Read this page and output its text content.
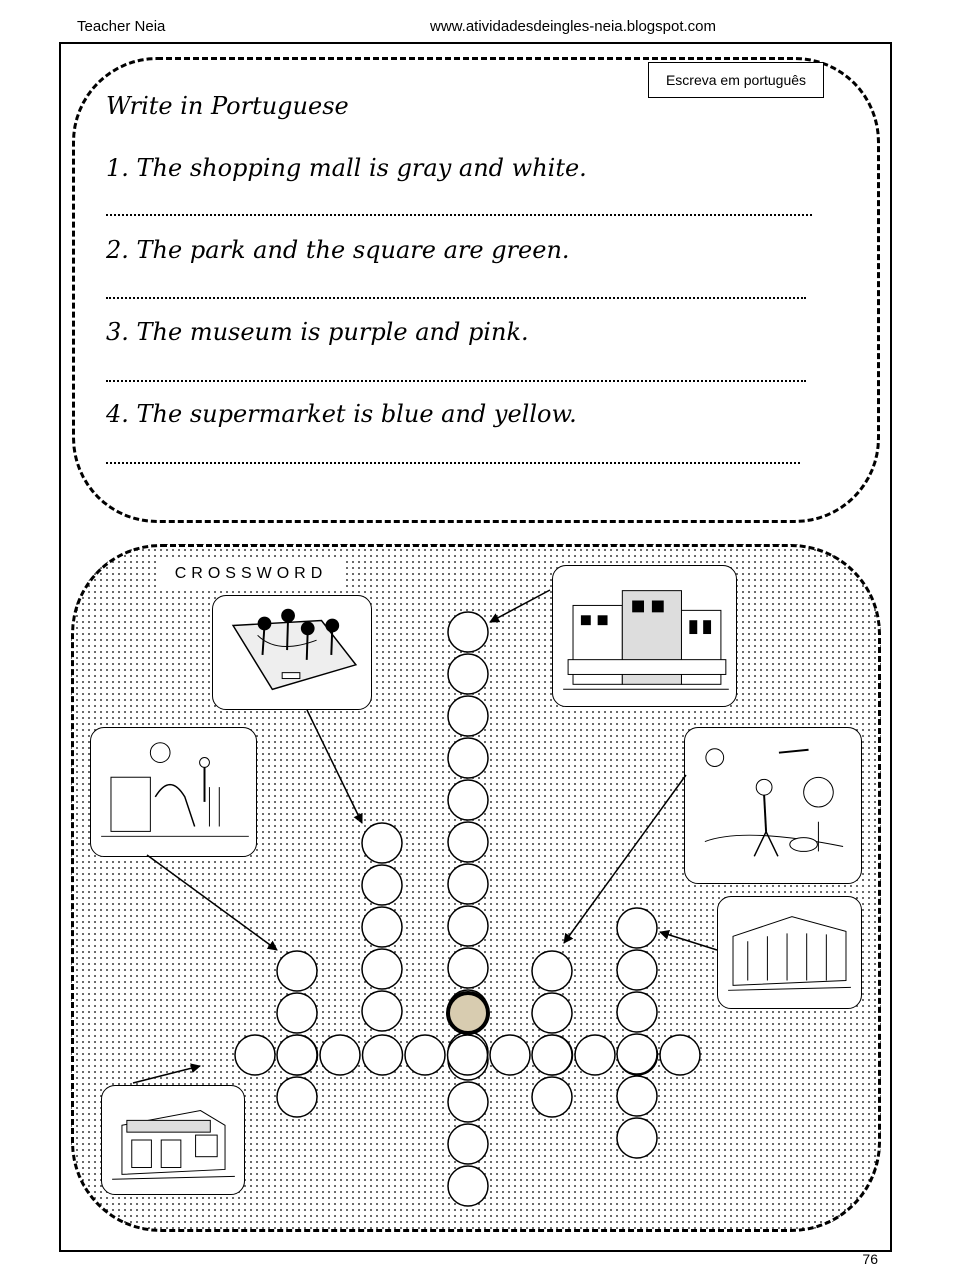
Teacher Neia	www.atividadesdeingles-neia.blogspot.com
Escreva em português
Write in Portuguese
1. The shopping mall is gray and white.
2. The park and the square are green.
3. The museum is purple and pink.
4. The supermarket is blue and yellow.
CROSSWORD
76
